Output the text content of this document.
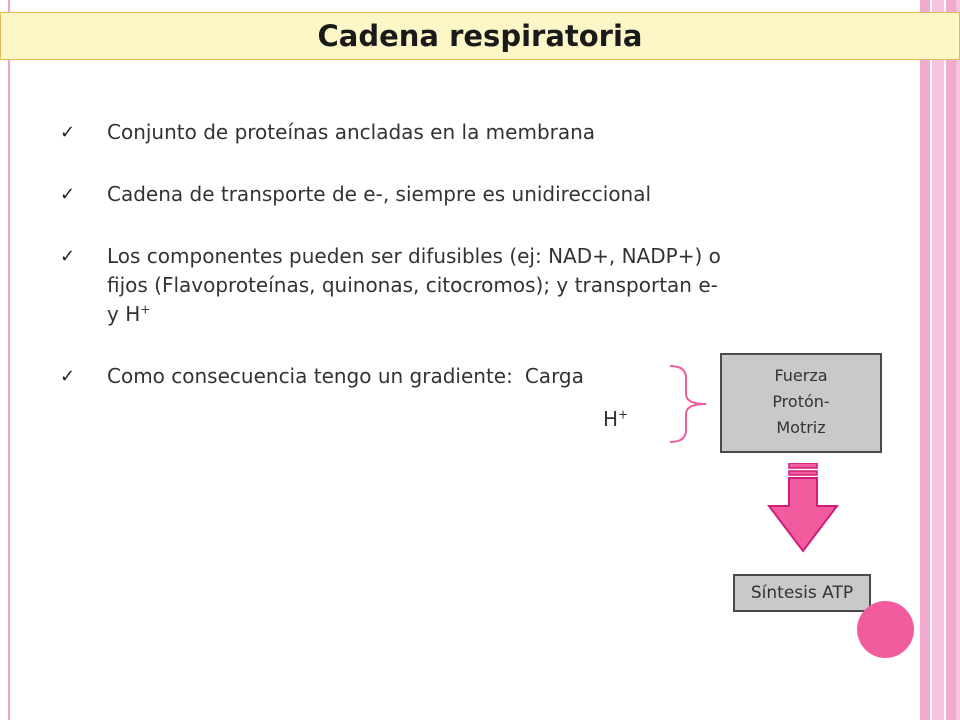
Cadena respiratoria
✓ Conjunto de proteínas ancladas en la membrana
✓ Cadena de transporte de e-, siempre es unidireccional
✓ Los componentes pueden ser difusibles (ej: NAD+, NADP+) o
fijos (Flavoproteínas, quinonas, citocromos); y transportan e-
y H+
✓ Como consecuencia tengo un gradiente: Carga
H+
Fuerza
Protón-
Motriz
Síntesis ATP
